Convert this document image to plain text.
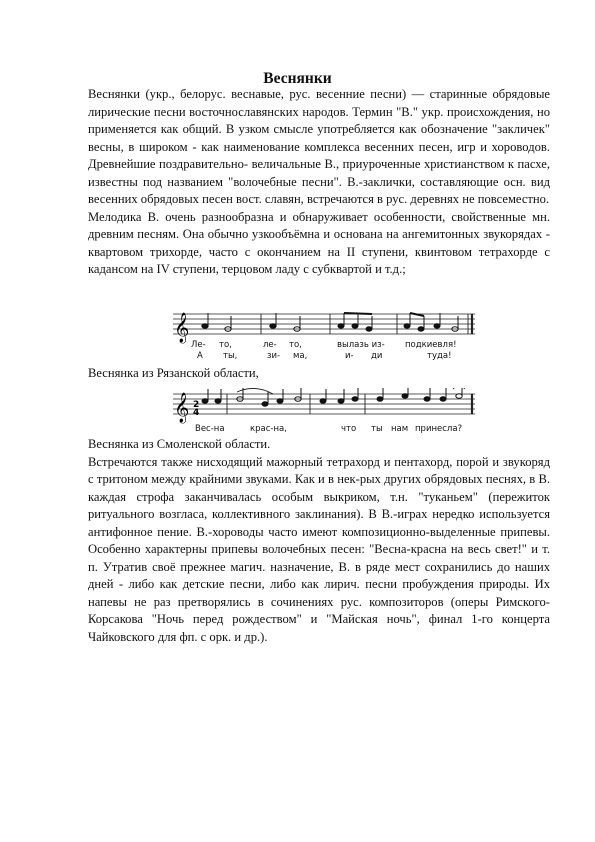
Веснянки

Веснянки (укр., белорус. веснавые, рус. весенние песни) — старинные обрядовые лирические песни восточнославянских народов. Термин "В." укр. происхождения, но применяется как общий. В узком смысле употребляется как обозначение "закличек" весны, в широком - как наименование комплекса весенних песен, игр и хороводов. Древнейшие поздравительно- величальные В., приуроченные христианством к пасхе, известны под названием "волочебные песни". В.-заклички, составляющие осн. вид весенних обрядовых песен вост. славян, встречаются в рус. деревнях не повсеместно.

Мелодика В. очень разнообразна и обнаруживает особенности, свойственные мн. древним песням. Она обычно узкообъёмна и основана на ангемитонных звукорядах - квартовом трихорде, часто с окончанием на II ступени, квинтовом тетрахорде с кадансом на IV ступени, терцовом ладу с субквартой и т.д.;

𝄞
Ле- то,	ле- то,	вылазь из- подкиевля!
А ты,	зи- ма,	и- ди	туда!

Веснянка из Рязанской области,

𝄞 2
4
Вес-на	крас-на,	что ты нам принесла?

Веснянка из Смоленской области.

Встречаются также нисходящий мажорный тетрахорд и пентахорд, порой и звукоряд с тритоном между крайними звуками. Как и в нек-рых других обрядовых песнях, в В. каждая строфа заканчивалась особым выкриком, т.н. "туканьем" (пережиток ритуального возгласа, коллективного заклинания). В В.-играх нередко используется антифонное пение. В.-хороводы часто имеют композиционно-выделенные припевы. Особенно характерны припевы волочебных песен: "Весна-красна на весь свет!" и т. п. Утратив своё прежнее магич. назначение, В. в ряде мест сохранились до наших дней - либо как детские песни, либо как лирич. песни пробуждения природы. Их напевы не раз претворялись в сочинениях рус. композиторов (оперы Римского-Корсакова "Ночь перед рождеством" и "Майская ночь", финал 1-го концерта Чайковского для фп. с орк. и др.).
